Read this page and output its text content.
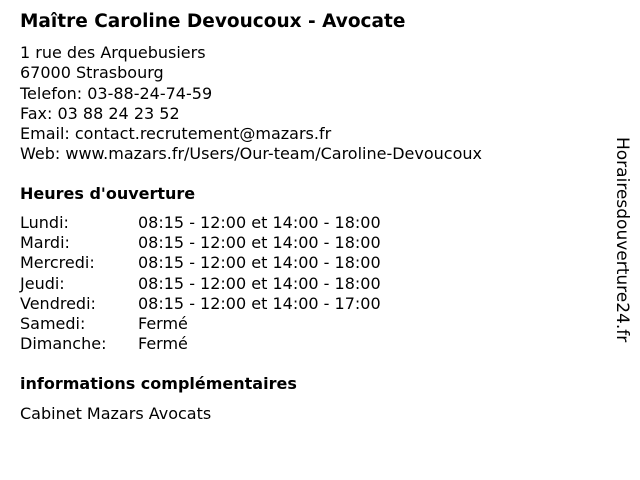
Maître Caroline Devoucoux - Avocate
1 rue des Arquebusiers
67000 Strasbourg
Telefon: 03-88-24-74-59
Fax: 03 88 24 23 52
Email: contact.recrutement@mazars.fr
Web: www.mazars.fr/Users/Our-team/Caroline-Devoucoux
Heures d'ouverture
Lundi:	08:15 - 12:00 et 14:00 - 18:00
Mardi:	08:15 - 12:00 et 14:00 - 18:00
Mercredi:	08:15 - 12:00 et 14:00 - 18:00
Jeudi:	08:15 - 12:00 et 14:00 - 18:00
Vendredi:	08:15 - 12:00 et 14:00 - 17:00
Samedi:	Fermé
Dimanche:	Fermé
informations complémentaires
Cabinet Mazars Avocats
Horairesdouverture24.fr
